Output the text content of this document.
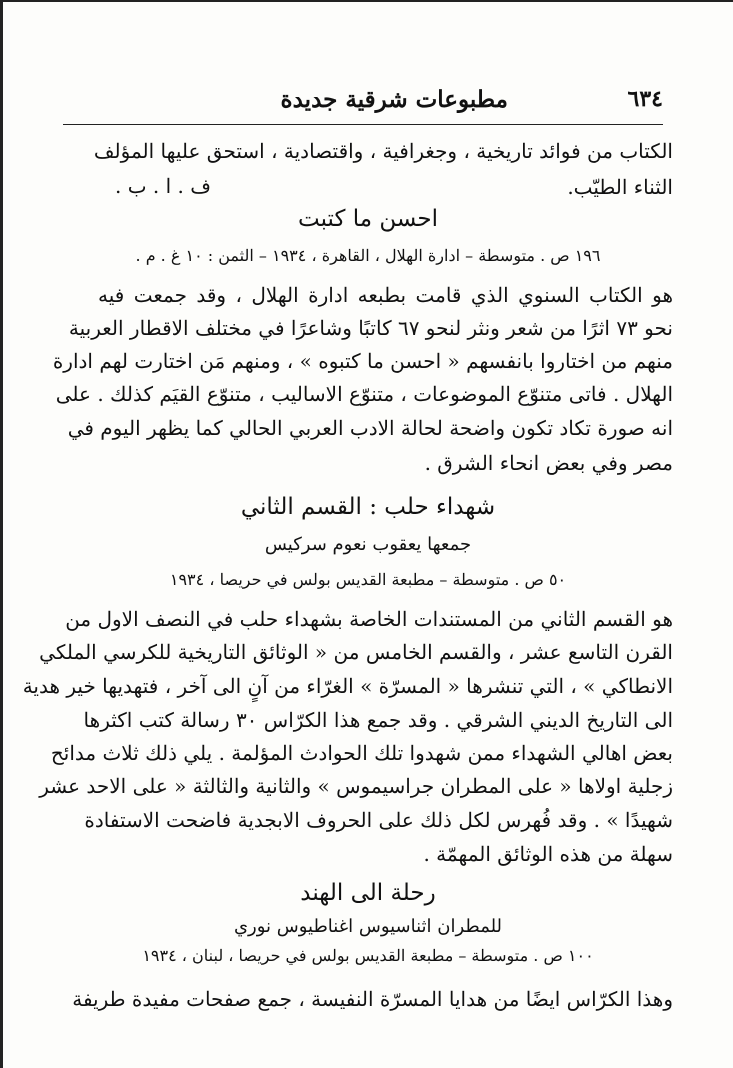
مطبوعات شرقية جديدة	٦٣٤
الكتاب من فوائد تاريخية ، وجغرافية ، واقتصادية ، استحق عليها المؤلف
الثناء الطيّب.
ف . ا . ب .
احسن ما كتبت
١٩٦ ص . متوسطة – ادارة الهلال ، القاهرة ، ١٩٣٤ – الثمن : ١٠ غ . م .
هو الكتاب السنوي الذي قامت بطبعه ادارة الهلال ، وقد جمعت فيه
نحو ٧٣ اثرًا من شعر ونثر لنحو ٦٧ كاتبًا وشاعرًا في مختلف الاقطار العربية
منهم من اختاروا بانفسهم « احسن ما كتبوه » ، ومنهم مَن اختارت لهم ادارة
الهلال . فاتى متنوّع الموضوعات ، متنوّع الاساليب ، متنوّع القيَم كذلك . على
انه صورة تكاد تكون واضحة لحالة الادب العربي الحالي كما يظهر اليوم في
مصر وفي بعض انحاء الشرق .
شهداء حلب : القسم الثاني
جمعها يعقوب نعوم سركيس
٥٠ ص . متوسطة – مطبعة القديس بولس في حريصا ، ١٩٣٤
هو القسم الثاني من المستندات الخاصة بشهداء حلب في النصف الاول من
القرن التاسع عشر ، والقسم الخامس من « الوثائق التاريخية للكرسي الملكي
الانطاكي » ، التي تنشرها « المسرّة » الغرّاء من آنٍ الى آخر ، فتهديها خير هدية
الى التاريخ الديني الشرقي . وقد جمع هذا الكرّاس ٣٠ رسالة كتب اكثرها
بعض اهالي الشهداء ممن شهدوا تلك الحوادث المؤلمة . يلي ذلك ثلاث مدائح
زجلية اولاها « على المطران جراسيموس » والثانية والثالثة « على الاحد عشر
شهيدًا » . وقد فُهرس لكل ذلك على الحروف الابجدية فاضحت الاستفادة
سهلة من هذه الوثائق المهمّة .
رحلة الى الهند
للمطران اثناسيوس اغناطيوس نوري
١٠٠ ص . متوسطة – مطبعة القديس بولس في حريصا ، لبنان ، ١٩٣٤
وهذا الكرّاس ايضًا من هدايا المسرّة النفيسة ، جمع صفحات مفيدة طريفة
